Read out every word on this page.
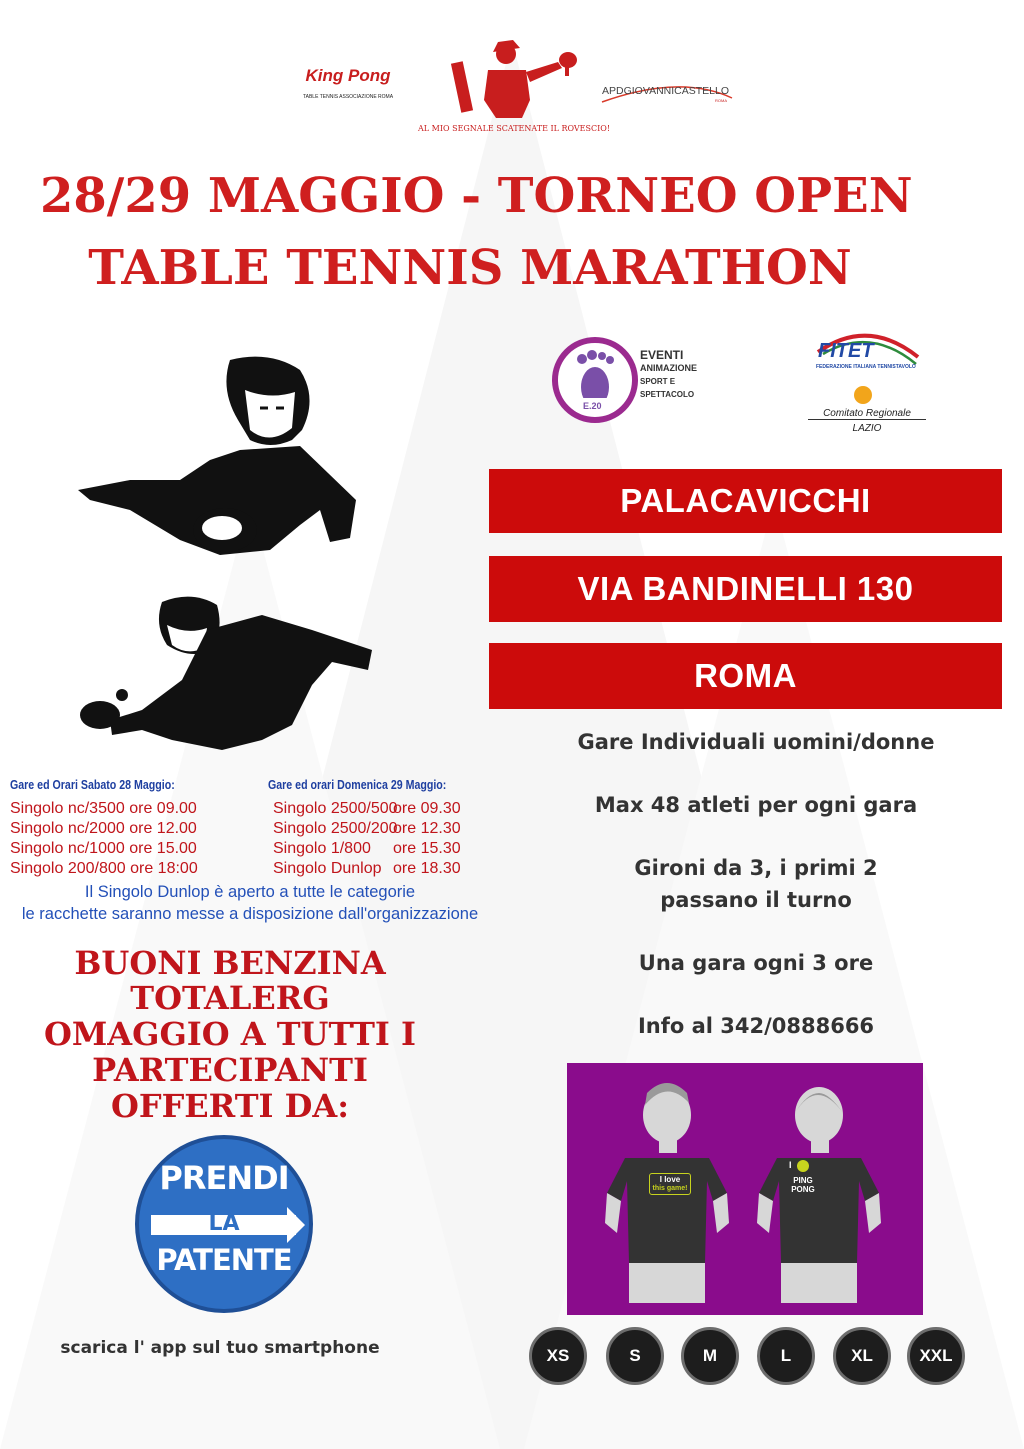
King Pong
TABLE TENNIS ASSOCIAZIONE ROMA
AL MIO SEGNALE SCATENATE IL ROVESCIO!
APDGIOVANNICASTELLO
ROMA
28/29 MAGGIO - TORNEO OPEN
TABLE TENNIS MARATHON
E.20
EVENTI
ANIMAZIONE
SPORT E
SPETTACOLO
FITET
FEDERAZIONE ITALIANA TENNISTAVOLO
Comitato Regionale
LAZIO
PALACAVICCHI
VIA BANDINELLI 130
ROMA
Gare Individuali uomini/donne
Max 48 atleti per ogni gara
Gironi da 3, i primi 2
passano il turno
Una gara ogni 3 ore
Info al 342/0888666
Gare ed Orari Sabato 28 Maggio:	Gare ed orari Domenica 29 Maggio:
Singolo nc/3500 ore 09.00
Singolo nc/2000 ore 12.00
Singolo nc/1000 ore 15.00
Singolo 200/800 ore 18:00
Singolo 2500/500ore 09.30
Singolo 2500/200ore 12.30
Singolo 1/800 ore 15.30
Singolo Dunlop ore 18.30
Il Singolo Dunlop è aperto a tutte le categorie
le racchette saranno messe a disposizione dall'organizzazione
BUONI BENZINA
TOTALERG
OMAGGIO A TUTTI I
PARTECIPANTI
OFFERTI DA:
PRENDI
LA
PATENTE
scarica l' app sul tuo smartphone
I love
this game!
I
PING
PONG
XS	S	M	L	XL	XXL
